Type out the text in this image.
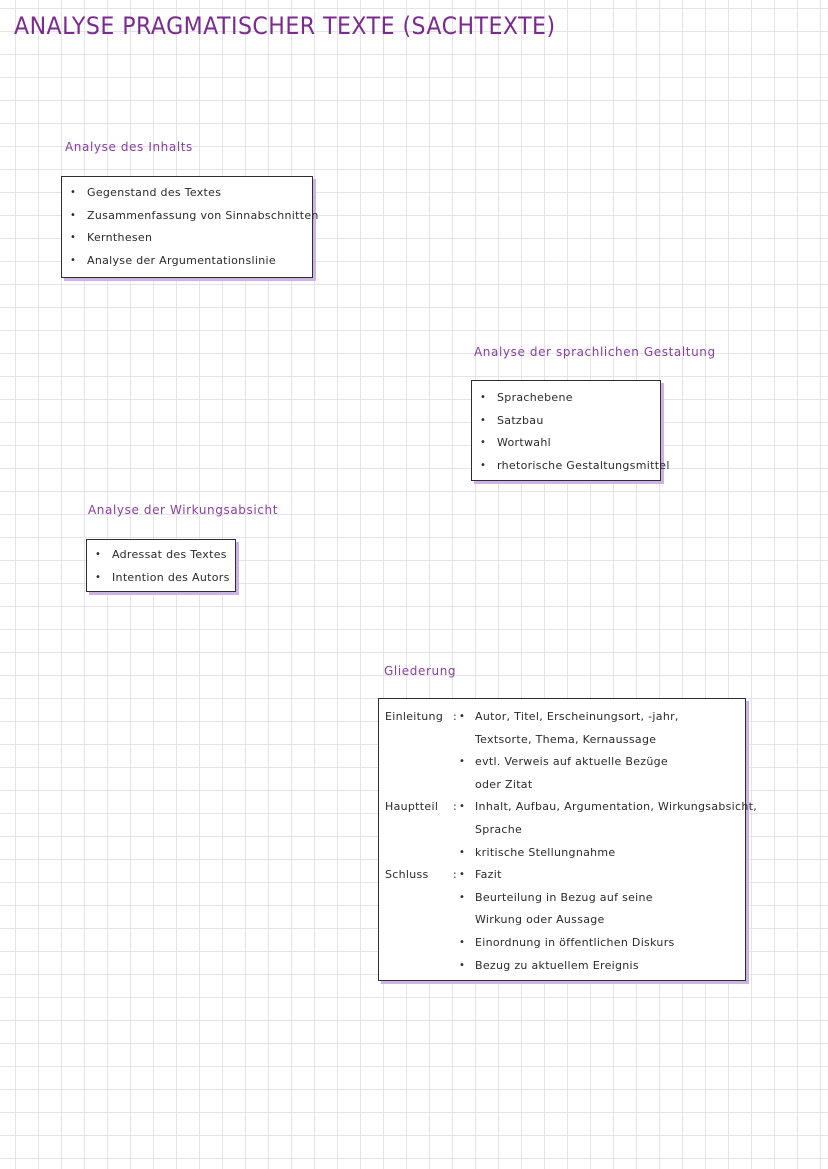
ANALYSE PRAGMATISCHER TEXTE (SACHTEXTE)
Analyse des Inhalts
• Gegenstand des Textes
• Zusammenfassung von Sinnabschnitten
• Kernthesen
• Analyse der Argumentationslinie
Analyse der sprachlichen Gestaltung
• Sprachebene
• Satzbau
• Wortwahl
• rhetorische Gestaltungsmittel
Analyse der Wirkungsabsicht
• Adressat des Textes
• Intention des Autors
Gliederung
Einleitung : • Autor, Titel, Erscheinungsort, -jahr,
Textsorte, Thema, Kernaussage
• evtl. Verweis auf aktuelle Bezüge
oder Zitat
Hauptteil : • Inhalt, Aufbau, Argumentation, Wirkungsabsicht,
Sprache
• kritische Stellungnahme
Schluss : • Fazit
• Beurteilung in Bezug auf seine
Wirkung oder Aussage
• Einordnung in öffentlichen Diskurs
• Bezug zu aktuellem Ereignis
